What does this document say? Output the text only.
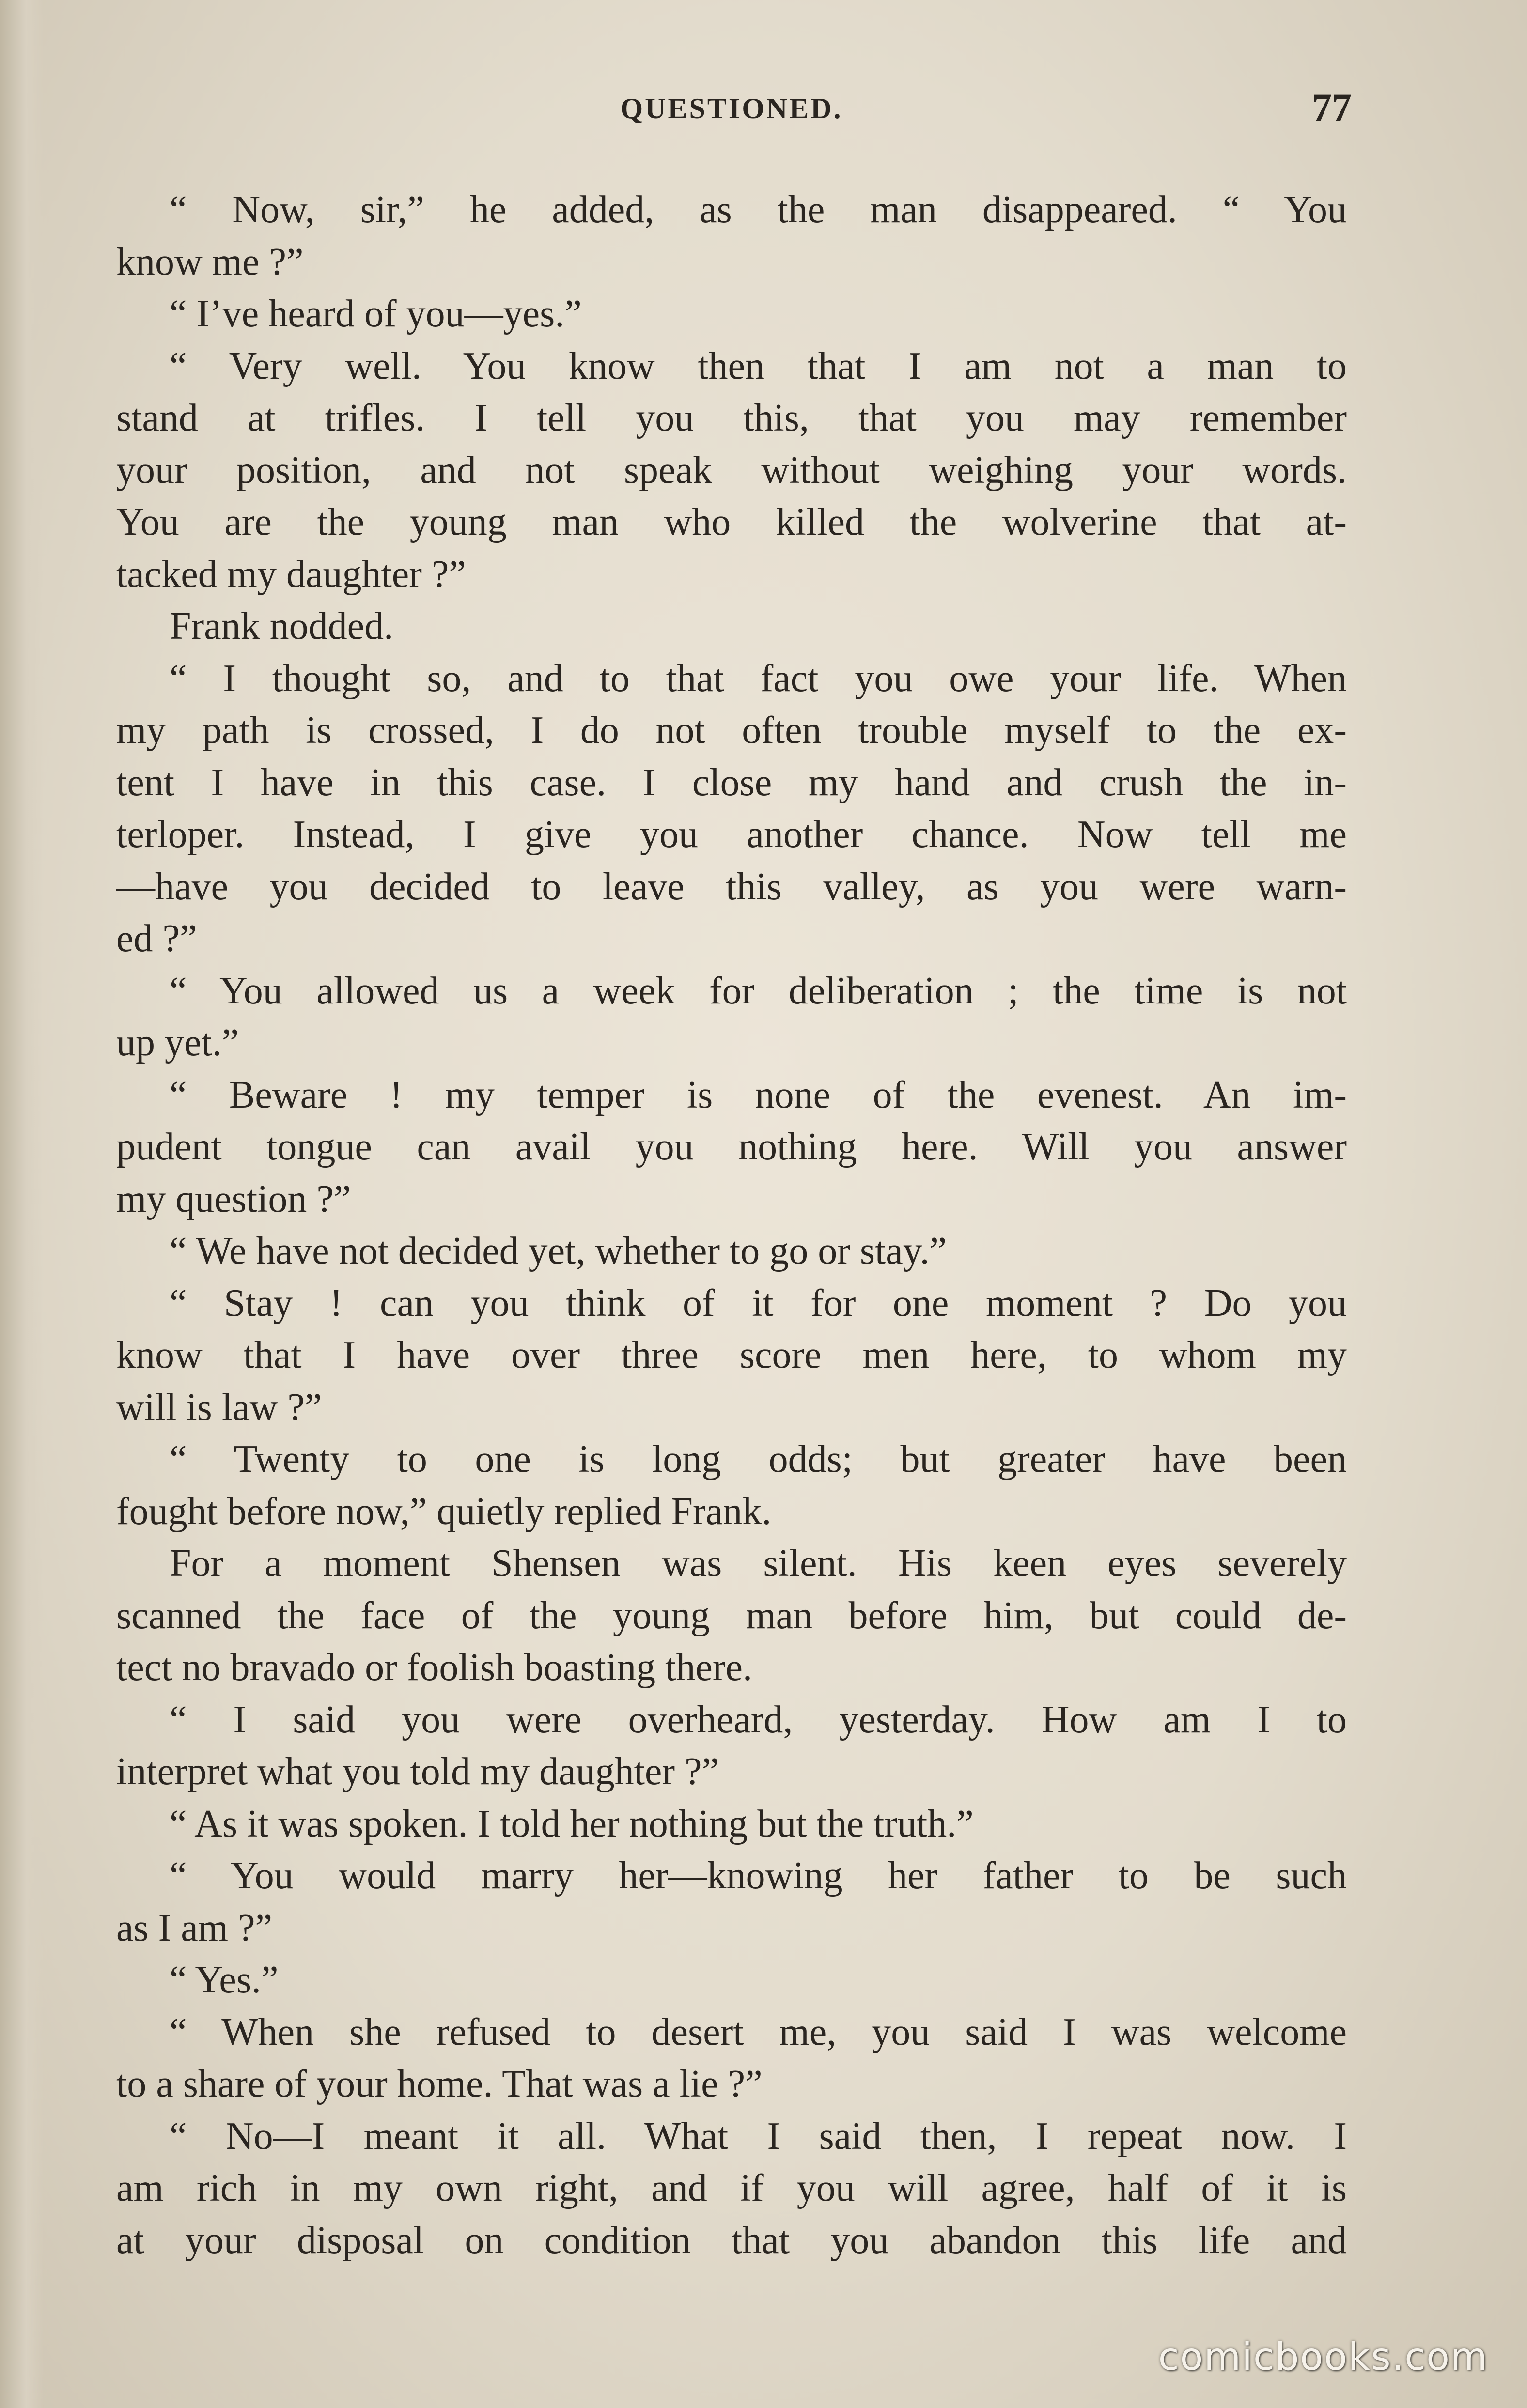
QUESTIONED.	77
“ Now, sir,” he added, as the man disappeared. “ You
know me ?”
“ I’ve heard of you—yes.”
“ Very well. You know then that I am not a man to
stand at trifles. I tell you this, that you may remember
your position, and not speak without weighing your words.
You are the young man who killed the wolverine that at-
tacked my daughter ?”
Frank nodded.
“ I thought so, and to that fact you owe your life. When
my path is crossed, I do not often trouble myself to the ex-
tent I have in this case. I close my hand and crush the in-
terloper. Instead, I give you another chance. Now tell me
—have you decided to leave this valley, as you were warn-
ed ?”
“ You allowed us a week for deliberation ; the time is not
up yet.”
“ Beware ! my temper is none of the evenest. An im-
pudent tongue can avail you nothing here. Will you answer
my question ?”
“ We have not decided yet, whether to go or stay.”
“ Stay ! can you think of it for one moment ? Do you
know that I have over three score men here, to whom my
will is law ?”
“ Twenty to one is long odds; but greater have been
fought before now,” quietly replied Frank.
For a moment Shensen was silent. His keen eyes severely
scanned the face of the young man before him, but could de-
tect no bravado or foolish boasting there.
“ I said you were overheard, yesterday. How am I to
interpret what you told my daughter ?”
“ As it was spoken. I told her nothing but the truth.”
“ You would marry her—knowing her father to be such
as I am ?”
“ Yes.”
“ When she refused to desert me, you said I was welcome
to a share of your home. That was a lie ?”
“ No—I meant it all. What I said then, I repeat now. I
am rich in my own right, and if you will agree, half of it is
at your disposal on condition that you abandon this life and
comicbooks.com
